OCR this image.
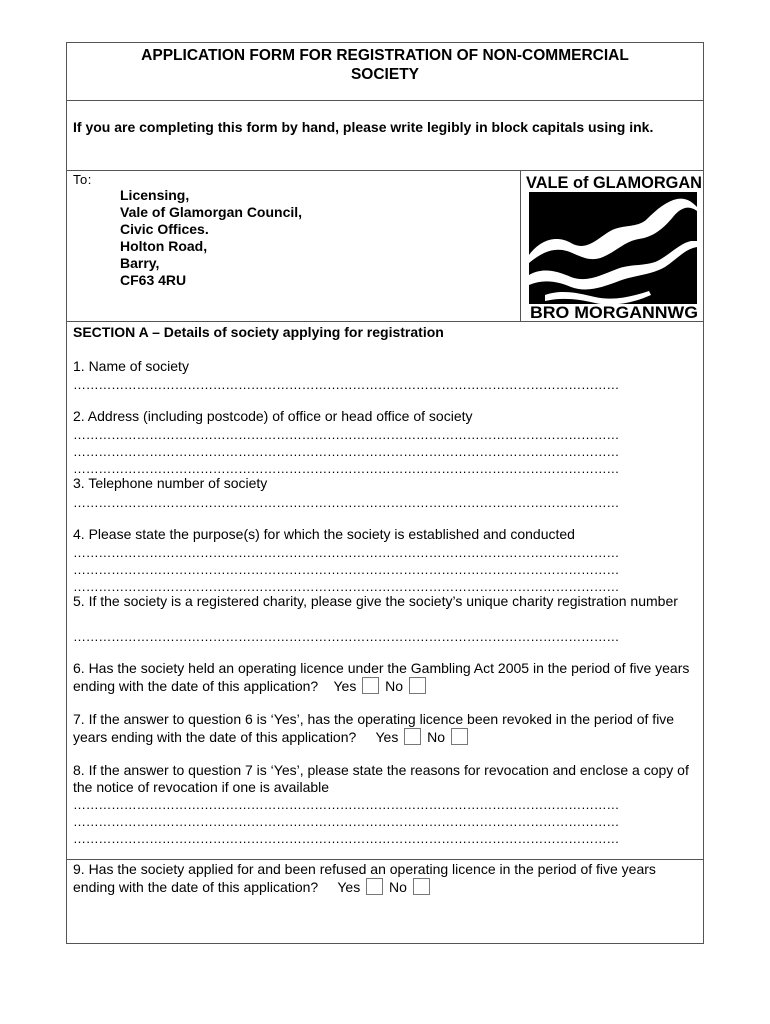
APPLICATION FORM FOR REGISTRATION OF NON-COMMERCIAL
SOCIETY
If you are completing this form by hand, please write legibly in block capitals using ink.
To:
Licensing,
Vale of Glamorgan Council,
Civic Offices.
Holton Road,
Barry,
CF63 4RU
VALE of GLAMORGAN
BRO MORGANNWG
SECTION A – Details of society applying for registration
1. Name of society
…………………………………………………………………………………………………………………
2. Address (including postcode) of office or head office of society
…………………………………………………………………………………………………………………
…………………………………………………………………………………………………………………
…………………………………………………………………………………………………………………
3. Telephone number of society
…………………………………………………………………………………………………………………
4. Please state the purpose(s) for which the society is established and conducted
…………………………………………………………………………………………………………………
…………………………………………………………………………………………………………………
…………………………………………………………………………………………………………………
5. If the society is a registered charity, please give the society’s unique charity registration number
…………………………………………………………………………………………………………………
6. Has the society held an operating licence under the Gambling Act 2005 in the period of five years ending with the date of this application? Yes No
7. If the answer to question 6 is ‘Yes’, has the operating licence been revoked in the period of five years ending with the date of this application? Yes No
8. If the answer to question 7 is ‘Yes’, please state the reasons for revocation and enclose a copy of the notice of revocation if one is available
…………………………………………………………………………………………………………………
…………………………………………………………………………………………………………………
…………………………………………………………………………………………………………………
9. Has the society applied for and been refused an operating licence in the period of five years ending with the date of this application? Yes No
